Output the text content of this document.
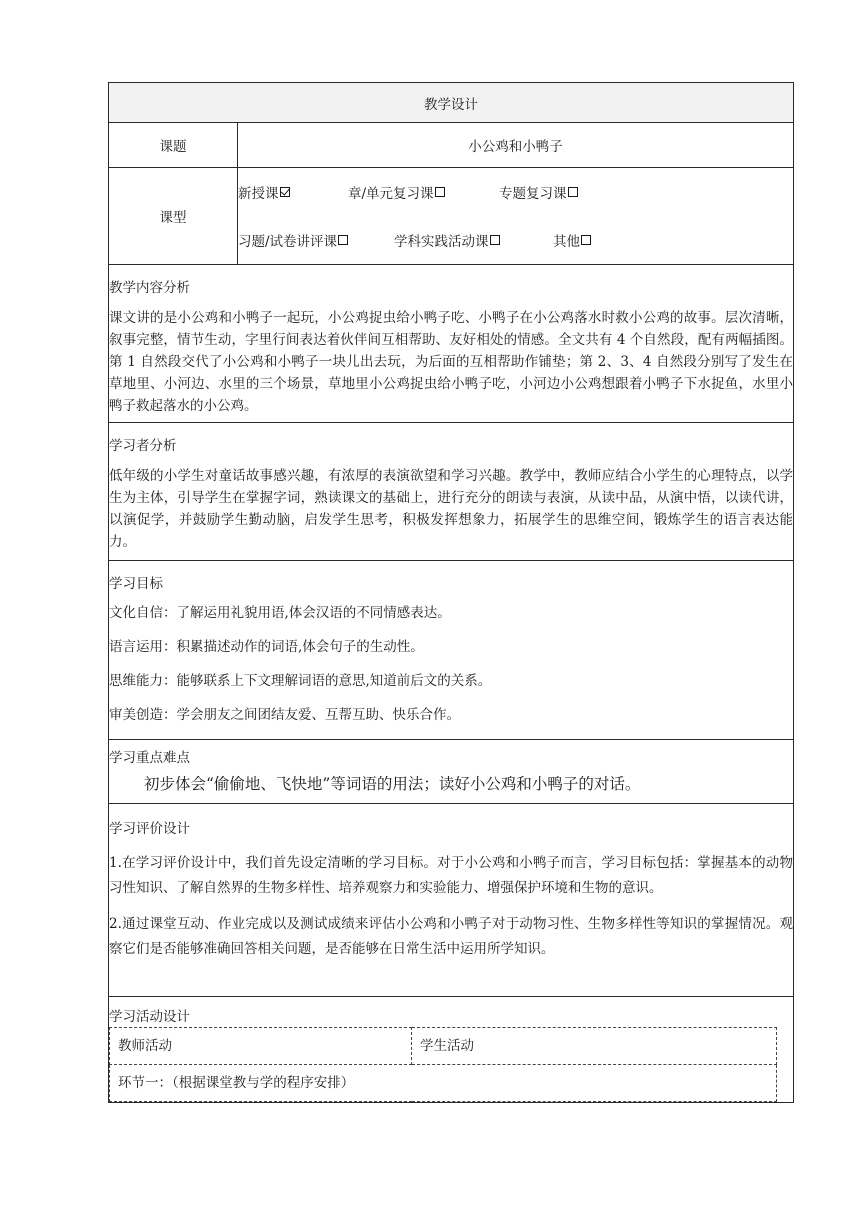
教学设计
课题	小公鸡和小鸭子
课型	
新授课	章/单元复习课	专题复习课
习题/试卷讲评课	学科实践活动课	其他

教学内容分析

课文讲的是小公鸡和小鸭子一起玩，小公鸡捉虫给小鸭子吃、小鸭子在小公鸡落水时救小公鸡的故事。层次清晰，叙事完整，情节生动，字里行间表达着伙伴间互相帮助、友好相处的情感。全文共有 4 个自然段，配有两幅插图。第 1 自然段交代了小公鸡和小鸭子一块儿出去玩，为后面的互相帮助作铺垫；第 2、3、4 自然段分别写了发生在草地里、小河边、水里的三个场景，草地里小公鸡捉虫给小鸭子吃，小河边小公鸡想跟着小鸭子下水捉鱼，水里小鸭子救起落水的小公鸡。

学习者分析

低年级的小学生对童话故事感兴趣，有浓厚的表演欲望和学习兴趣。教学中，教师应结合小学生的心理特点，以学生为主体，引导学生在掌握字词，熟读课文的基础上，进行充分的朗读与表演，从读中品，从演中悟，以读代讲，以演促学，并鼓励学生勤动脑，启发学生思考，积极发挥想象力，拓展学生的思维空间，锻炼学生的语言表达能力。

学习目标

文化自信：了解运用礼貌用语,体会汉语的不同情感表达。

语言运用：积累描述动作的词语,体会句子的生动性。

思维能力：能够联系上下文理解词语的意思,知道前后文的关系。

审美创造：学会朋友之间团结友爱、互帮互助、快乐合作。

学习重点难点

初步体会“偷偷地、飞快地”等词语的用法；读好小公鸡和小鸭子的对话。

学习评价设计

1.在学习评价设计中，我们首先设定清晰的学习目标。对于小公鸡和小鸭子而言，学习目标包括：掌握基本的动物习性知识、了解自然界的生物多样性、培养观察力和实验能力、增强保护环境和生物的意识。

2.通过课堂互动、作业完成以及测试成绩来评估小公鸡和小鸭子对于动物习性、生物多样性等知识的掌握情况。观察它们是否能够准确回答相关问题，是否能够在日常生活中运用所学知识。

学习活动设计
教师活动	学生活动
环节一：（根据课堂教与学的程序安排）
